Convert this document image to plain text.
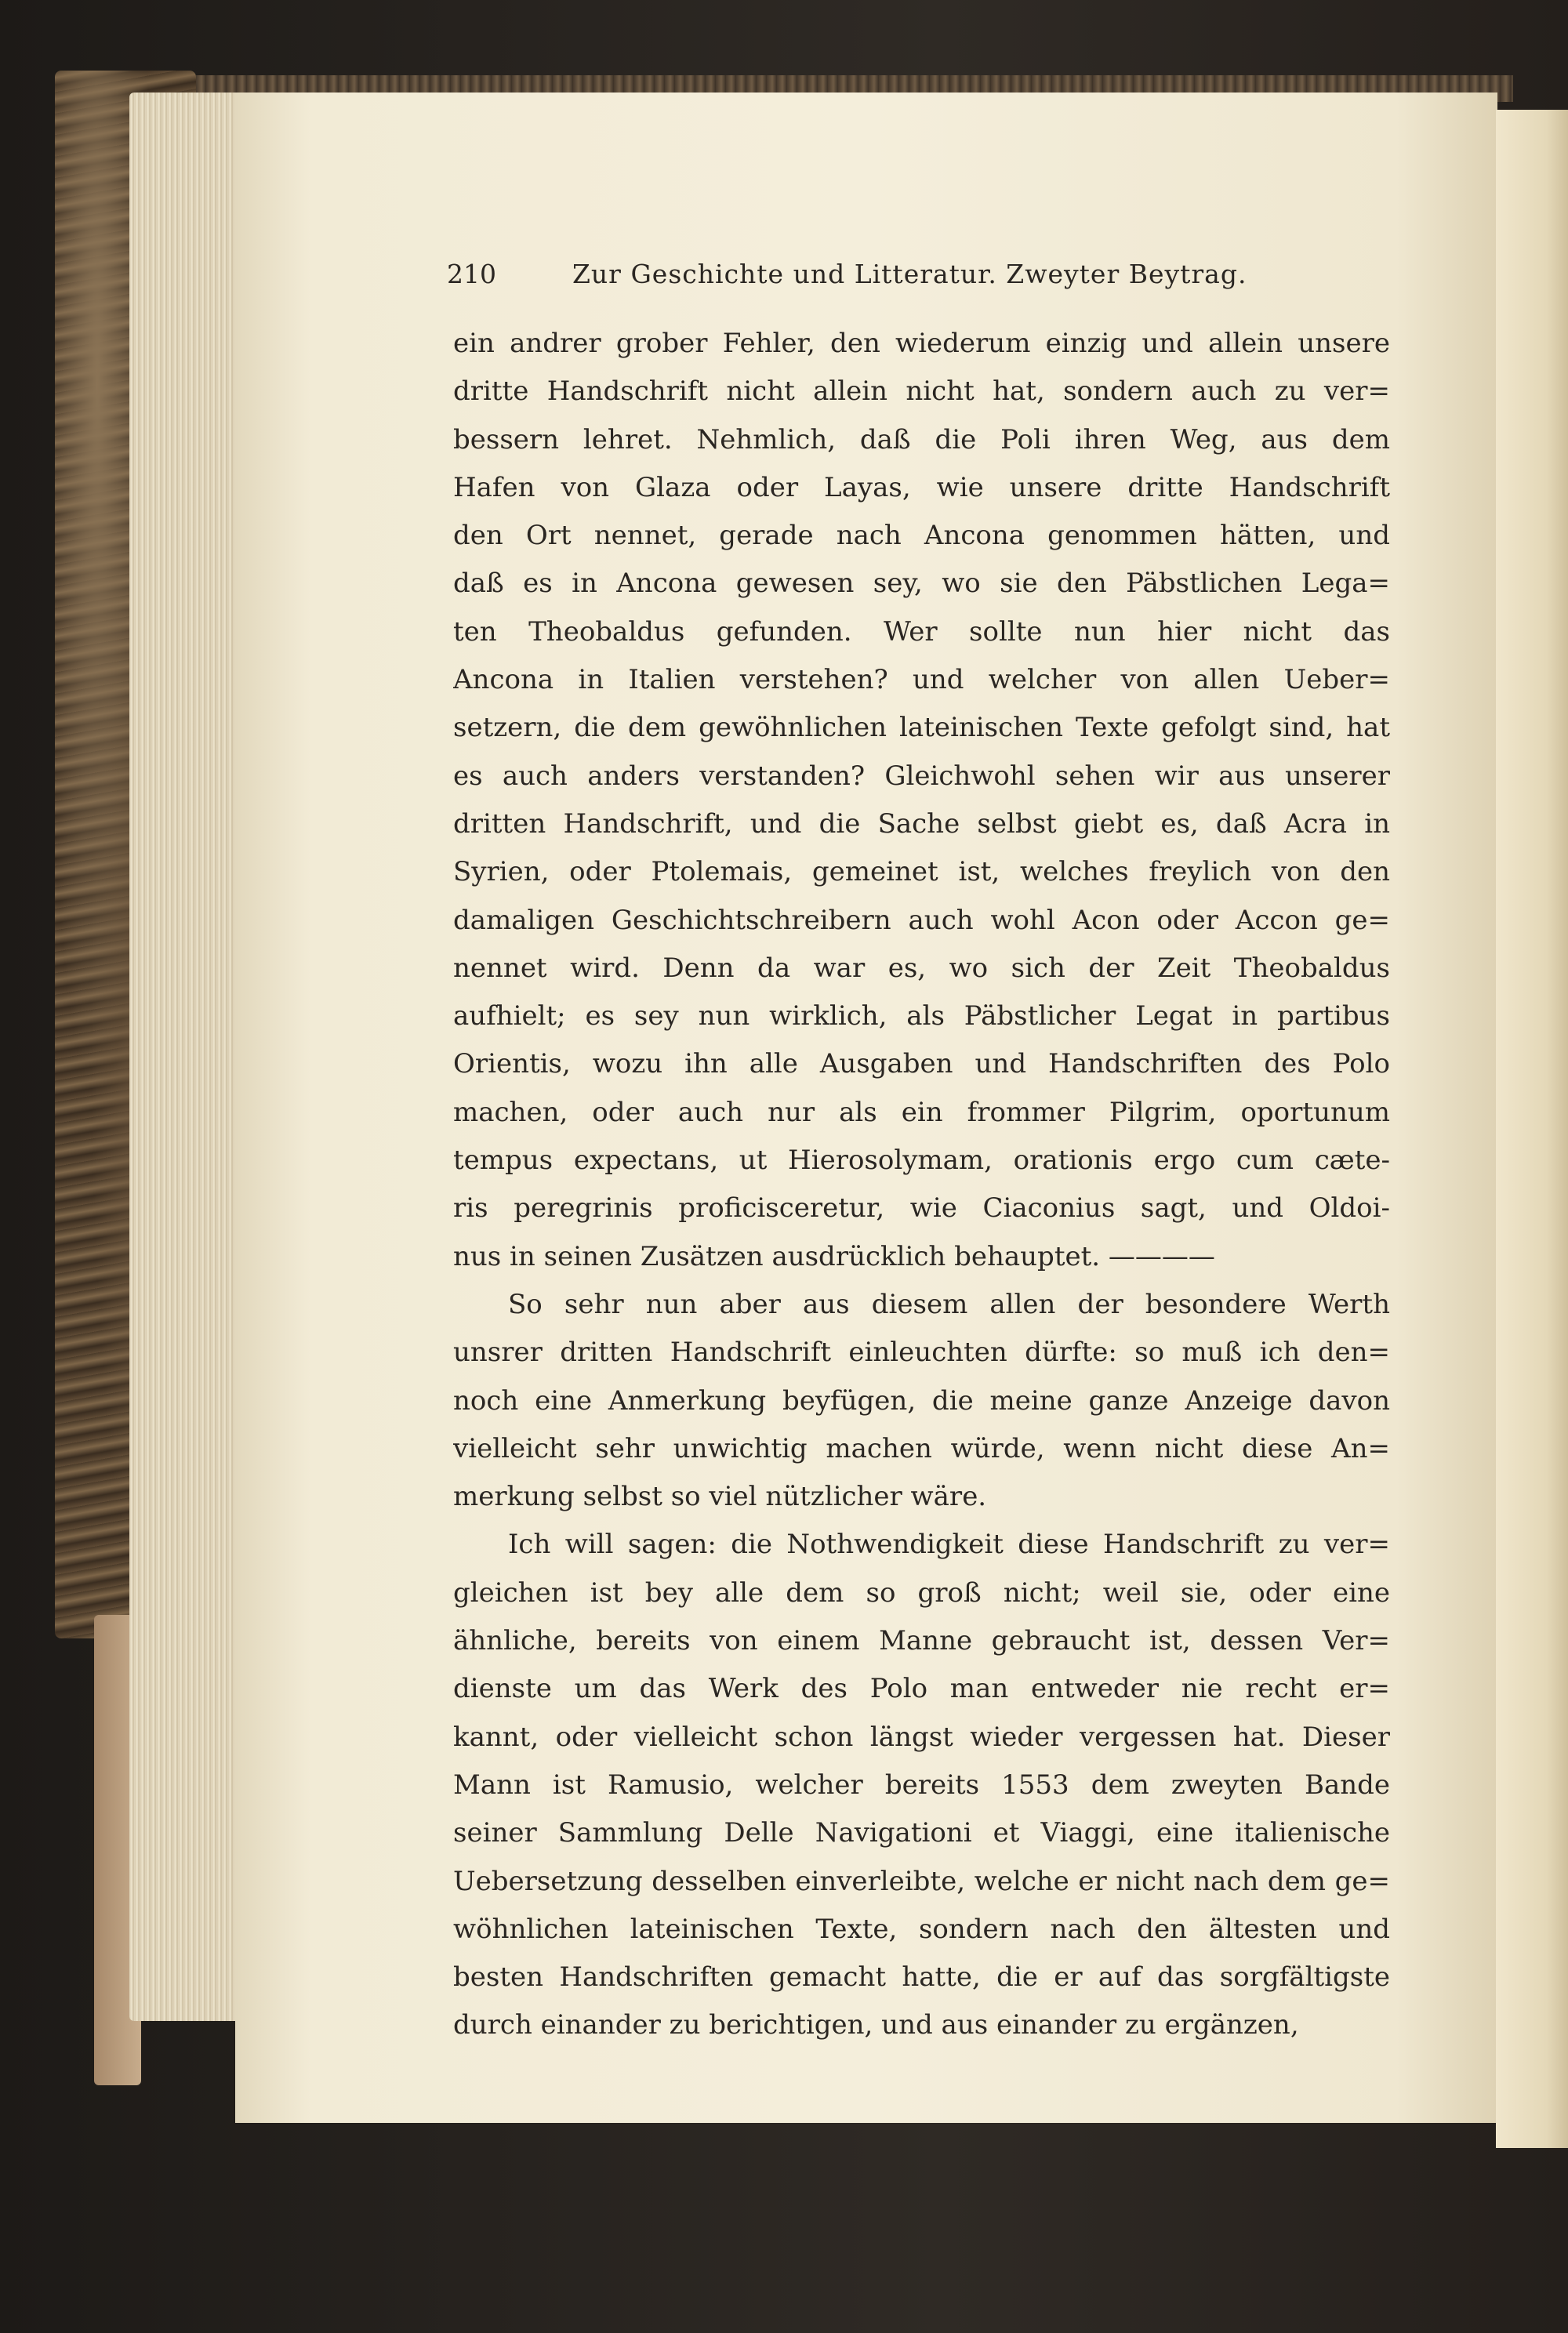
210	Zur Geschichte und Litteratur. Zweyter Beytrag.
ein andrer grober Fehler, den wiederum einzig und allein unsere
dritte Handschrift nicht allein nicht hat, sondern auch zu ver=
bessern lehret. Nehmlich, daß die Poli ihren Weg, aus dem
Hafen von Glaza oder Layas, wie unsere dritte Handschrift
den Ort nennet, gerade nach Ancona genommen hätten, und
daß es in Ancona gewesen sey, wo sie den Päbstlichen Lega=
ten Theobaldus gefunden. Wer sollte nun hier nicht das
Ancona in Italien verstehen? und welcher von allen Ueber=
setzern, die dem gewöhnlichen lateinischen Texte gefolgt sind, hat
es auch anders verstanden? Gleichwohl sehen wir aus unserer
dritten Handschrift, und die Sache selbst giebt es, daß Acra in
Syrien, oder Ptolemais, gemeinet ist, welches freylich von den
damaligen Geschichtschreibern auch wohl Acon oder Accon ge=
nennet wird. Denn da war es, wo sich der Zeit Theobaldus
aufhielt; es sey nun wirklich, als Päbstlicher Legat in partibus
Orientis, wozu ihn alle Ausgaben und Handschriften des Polo
machen, oder auch nur als ein frommer Pilgrim, oportunum
tempus expectans, ut Hierosolymam, orationis ergo cum cæte-
ris peregrinis proficisceretur, wie Ciaconius sagt, und Oldoi-
nus in seinen Zusätzen ausdrücklich behauptet. ————
So sehr nun aber aus diesem allen der besondere Werth
unsrer dritten Handschrift einleuchten dürfte: so muß ich den=
noch eine Anmerkung beyfügen, die meine ganze Anzeige davon
vielleicht sehr unwichtig machen würde, wenn nicht diese An=
merkung selbst so viel nützlicher wäre.
Ich will sagen: die Nothwendigkeit diese Handschrift zu ver=
gleichen ist bey alle dem so groß nicht; weil sie, oder eine
ähnliche, bereits von einem Manne gebraucht ist, dessen Ver=
dienste um das Werk des Polo man entweder nie recht er=
kannt, oder vielleicht schon längst wieder vergessen hat. Dieser
Mann ist Ramusio, welcher bereits 1553 dem zweyten Bande
seiner Sammlung Delle Navigationi et Viaggi, eine italienische
Uebersetzung desselben einverleibte, welche er nicht nach dem ge=
wöhnlichen lateinischen Texte, sondern nach den ältesten und
besten Handschriften gemacht hatte, die er auf das sorgfältigste
durch einander zu berichtigen, und aus einander zu ergänzen,
